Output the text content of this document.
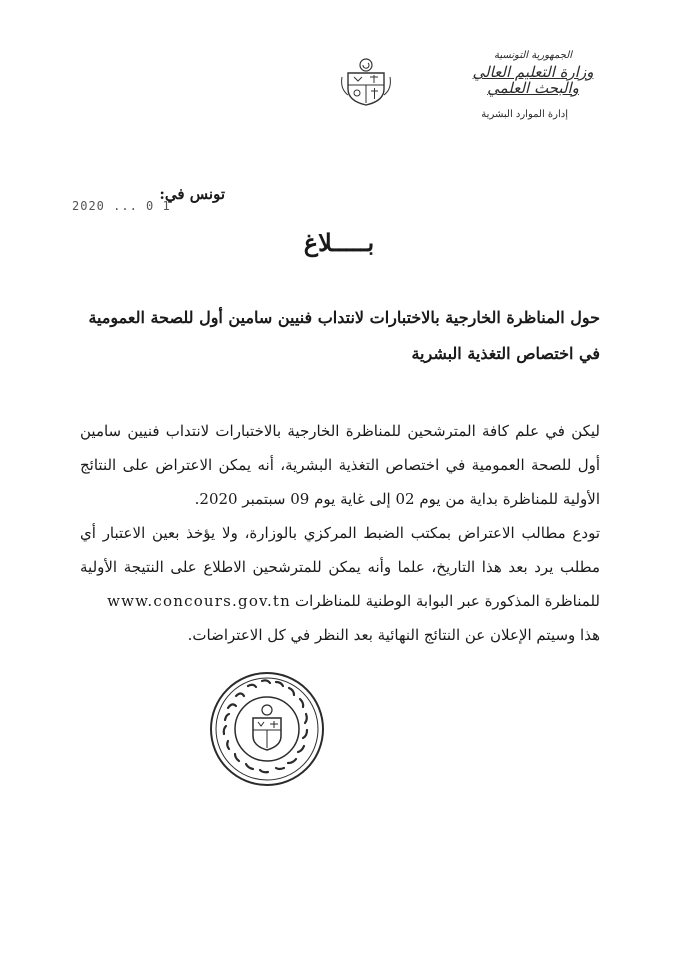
الجمهورية التونسية
وزارة التعليم العالي
والبحث العلمي
إدارة الموارد البشرية
تونس في:
2020 ... 0 1
بـــــلاغ
حول المناظرة الخارجية بالاختبارات لانتداب فنيين سامين أول للصحة العمومية في اختصاص التغذية البشرية

ليكن في علم كافة المترشحين للمناظرة الخارجية بالاختبارات لانتداب فنيين سامين أول للصحة العمومية في اختصاص التغذية البشرية، أنه يمكن الاعتراض على النتائج الأولية للمناظرة بداية من يوم 02 إلى غاية يوم 09 سبتمبر 2020.

تودع مطالب الاعتراض بمكتب الضبط المركزي بالوزارة، ولا يؤخذ بعين الاعتبار أي مطلب يرد بعد هذا التاريخ، علما وأنه يمكن للمترشحين الاطلاع على النتيجة الأولية للمناظرة المذكورة عبر البوابة الوطنية للمناظراتwww.concours.gov.tn

هذا وسيتم الإعلان عن النتائج النهائية بعد النظر في كل الاعتراضات.
